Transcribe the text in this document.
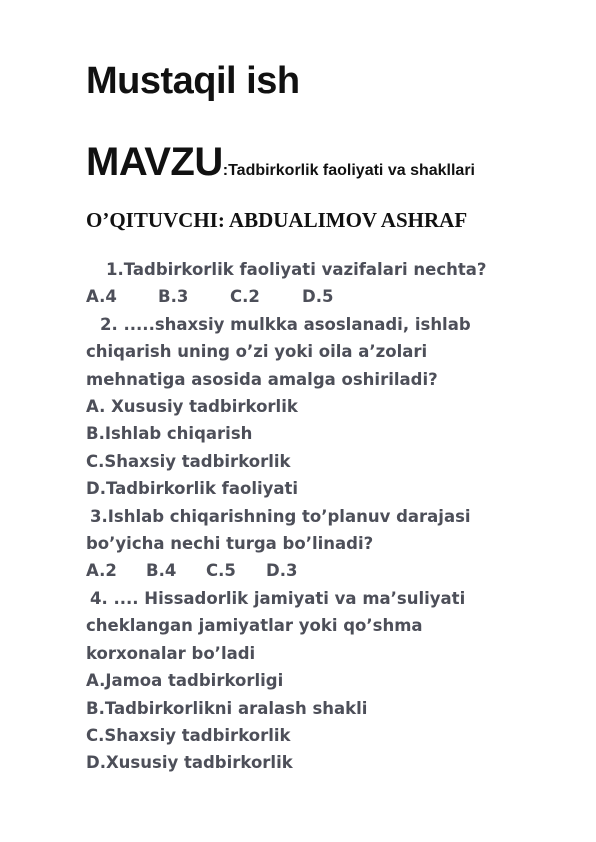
Mustaqil ish
MAVZU:Tadbirkorlik faoliyati va shakllari
O’QITUVCHI: ABDUALIMOV ASHRAF
1.Tadbirkorlik faoliyati vazifalari nechta?
A.4	B.3	C.2	D.5
2. .....shaxsiy mulkka asoslanadi, ishlab
chiqarish uning o’zi yoki oila a’zolari
mehnatiga asosida amalga oshiriladi?
A. Xususiy tadbirkorlik
B.Ishlab chiqarish
C.Shaxsiy tadbirkorlik
D.Tadbirkorlik faoliyati
3.Ishlab chiqarishning to’planuv darajasi
bo’yicha nechi turga bo’linadi?
A.2	B.4	C.5	D.3
4. .... Hissadorlik jamiyati va ma’suliyati
cheklangan jamiyatlar yoki qo’shma
korxonalar bo’ladi
A.Jamoa tadbirkorligi
B.Tadbirkorlikni aralash shakli
C.Shaxsiy tadbirkorlik
D.Xususiy tadbirkorlik
